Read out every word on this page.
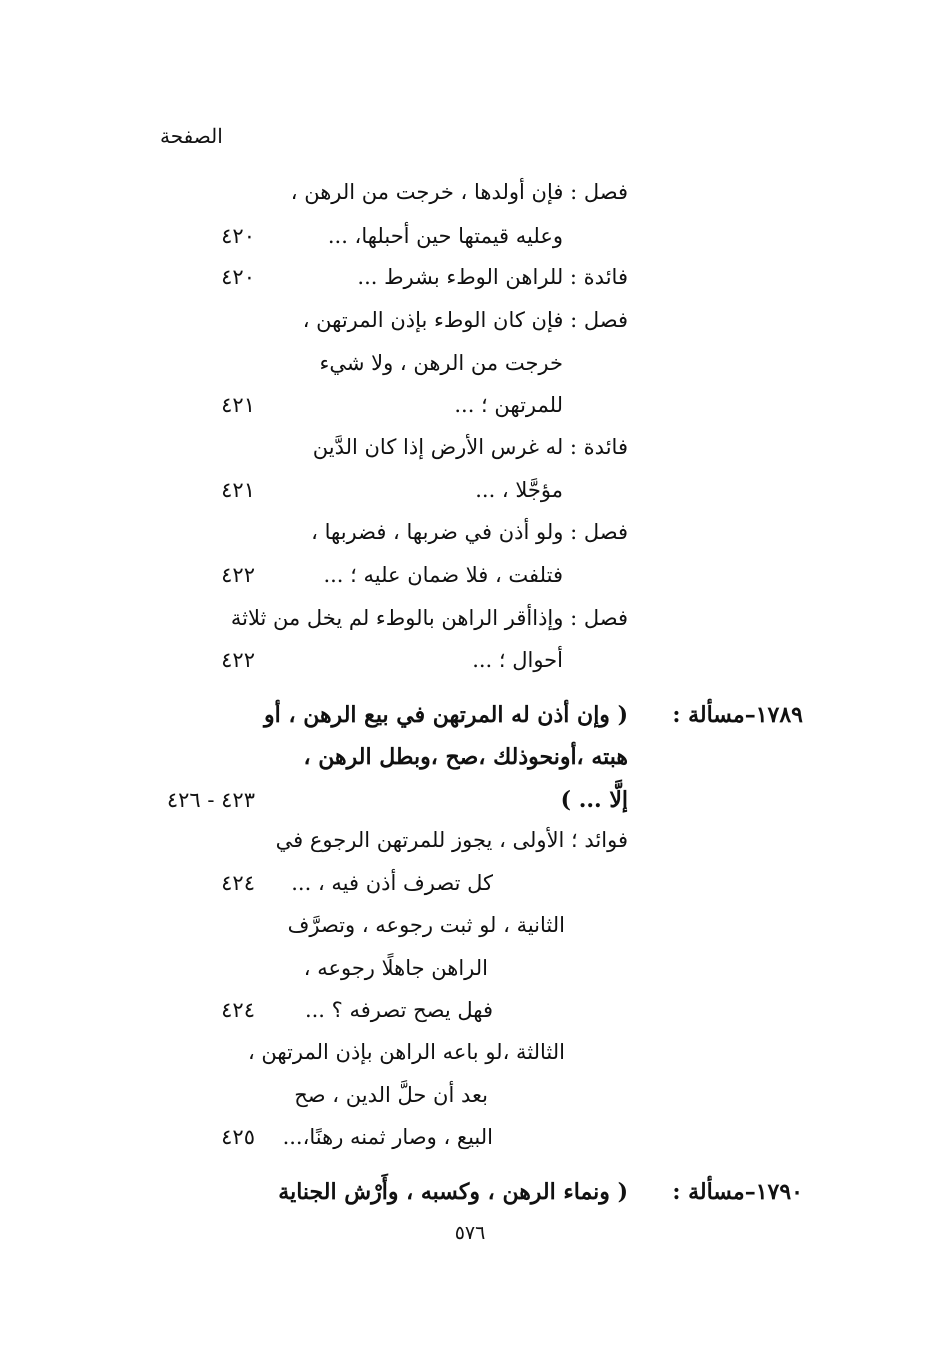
الصفحة
فصل : فإن أولدها ، خرجت من الرهن ،
وعليه قيمتها حين أحبلها، ...
٤٢٠
فائدة : للراهن الوطء بشرط ...
٤٢٠
فصل : فإن كان الوطء بإذن المرتهن ،
خرجت من الرهن ، ولا شيء
للمرتهن ؛ ...
٤٢١
فائدة : له غرس الأرض إذا كان الدَّين
مؤجَّلا ، ...
٤٢١
فصل : ولو أذن في ضربها ، فضربها ،
فتلفت ، فلا ضمان عليه ؛ ...
٤٢٢
فصل : وإذاأقر الراهن بالوطء لم يخل من ثلاثة
أحوال ؛ ...
٤٢٢
١٧٨٩–مسألة :
( وإن أذن له المرتهن في بيع الرهن ، أو
هبته ،أونحوذلك ،صح ،وبطل الرهن ،
إلَّا ... )
٤٢٣ - ٤٢٦
فوائد ؛ الأولى ، يجوز للمرتهن الرجوع في
كل تصرف أذن فيه ، ...
٤٢٤
الثانية ، لو ثبت رجوعه ، وتصرَّف
الراهن جاهلًا رجوعه ،
فهل يصح تصرفه ؟ ...
٤٢٤
الثالثة ،لو باعه الراهن بإذن المرتهن ،
بعد أن حلَّ الدين ، صح
البيع ، وصار ثمنه رهنًا،...
٤٢٥
١٧٩٠–مسألة :
( ونماء الرهن ، وكسبه ، وأَرْش الجناية
٥٧٦
